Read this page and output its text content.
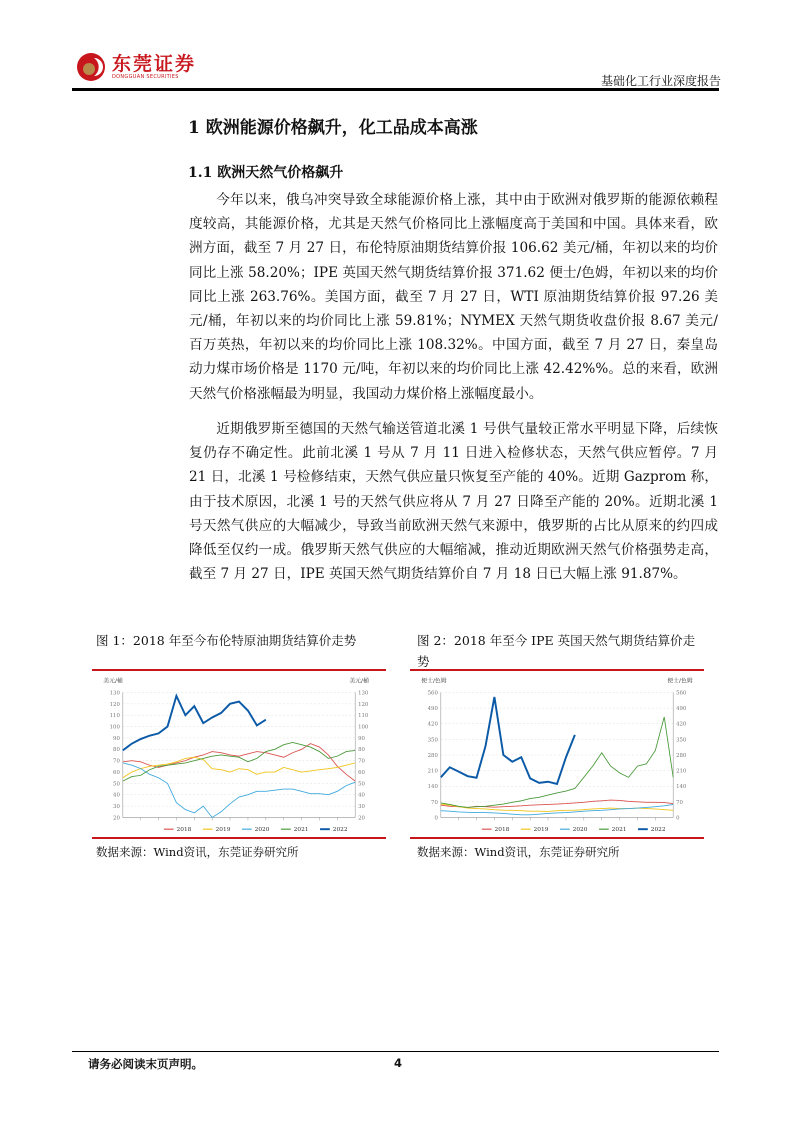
东莞证券
DONGGUAN SECURITIES	基础化工行业深度报告
1 欧洲能源价格飙升，化工品成本高涨
1.1 欧洲天然气价格飙升

今年以来，俄乌冲突导致全球能源价格上涨，其中由于欧洲对俄罗斯的能源依赖程度较高，其能源价格，尤其是天然气价格同比上涨幅度高于美国和中国。具体来看，欧洲方面，截至 7 月 27 日，布伦特原油期货结算价报 106.62 美元/桶，年初以来的均价同比上涨 58.20%；IPE 英国天然气期货结算价报 371.62 便士/色姆，年初以来的均价同比上涨 263.76%。美国方面，截至 7 月 27 日，WTI 原油期货结算价报 97.26 美元/桶，年初以来的均价同比上涨 59.81%；NYMEX 天然气期货收盘价报 8.67 美元/百万英热，年初以来的均价同比上涨 108.32%。中国方面，截至 7 月 27 日，秦皇岛动力煤市场价格是 1170 元/吨，年初以来的均价同比上涨 42.42%%。总的来看，欧洲天然气价格涨幅最为明显，我国动力煤价格上涨幅度最小。

近期俄罗斯至德国的天然气输送管道北溪 1 号供气量较正常水平明显下降，后续恢复仍存不确定性。此前北溪 1 号从 7 月 11 日进入检修状态，天然气供应暂停。7 月 21 日，北溪 1 号检修结束，天然气供应量只恢复至产能的 40%。近期 Gazprom 称，由于技术原因，北溪 1 号的天然气供应将从 7 月 27 日降至产能的 20%。近期北溪 1 号天然气供应的大幅减少，导致当前欧洲天然气来源中，俄罗斯的占比从原来的约四成降低至仅约一成。俄罗斯天然气供应的大幅缩减，推动近期欧洲天然气价格强势走高，截至 7 月 27 日，IPE 英国天然气期货结算价自 7 月 18 日已大幅上涨 91.87%。

图 1：2018 年至今布伦特原油期货结算价走势	图 2：2018 年至今 IPE 英国天然气期货结算价走势
美元/桶	美元/桶
20	20
30	30
40	40
50	50
60	60
70	70
80	80
90	90
100	100
110	110
120	120
130	130
2018	2019	2020	2021	2022
便士/色姆	便士/色姆
0	0
70	70
140	140
210	210
280	280
350	350
420	420
490	490
560	560
2018	2019	2020	2021	2022
数据来源：Wind资讯，东莞证券研究所	数据来源：Wind资讯，东莞证券研究所
请务必阅读末页声明。	4
